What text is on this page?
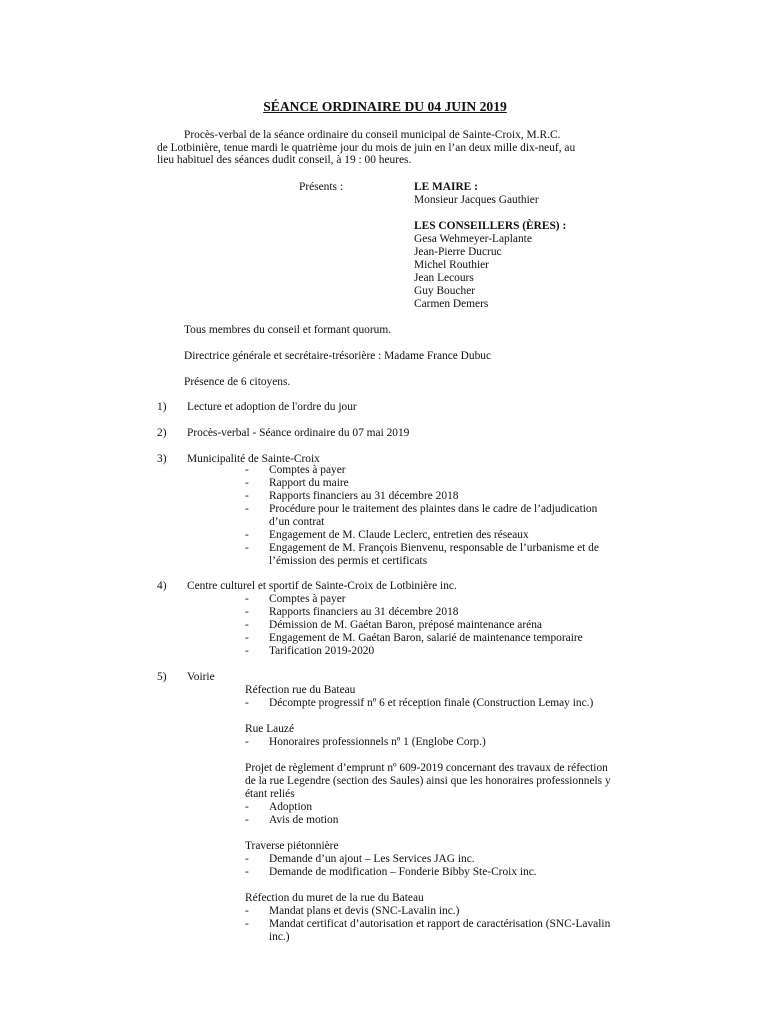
SÉANCE ORDINAIRE DU 04 JUIN 2019
Procès-verbal de la séance ordinaire du conseil municipal de Sainte-Croix, M.R.C.
de Lotbinière, tenue mardi le quatrième jour du mois de juin en l’an deux mille dix-neuf, au
lieu habituel des séances dudit conseil, à 19 : 00 heures.
Présents :	LE MAIRE :
Monsieur Jacques Gauthier
LES CONSEILLERS (ÈRES) :
Gesa Wehmeyer-Laplante
Jean-Pierre Ducruc
Michel Routhier
Jean Lecours
Guy Boucher
Carmen Demers
Tous membres du conseil et formant quorum.
Directrice générale et secrétaire-trésorière : Madame France Dubuc
Présence de 6 citoyens.
1) Lecture et adoption de l'ordre du jour
2) Procès-verbal - Séance ordinaire du 07 mai 2019
3) Municipalité de Sainte-Croix
- Comptes à payer
- Rapport du maire
- Rapports financiers au 31 décembre 2018
- Procédure pour le traitement des plaintes dans le cadre de l’adjudication
d’un contrat
- Engagement de M. Claude Leclerc, entretien des réseaux
- Engagement de M. François Bienvenu, responsable de l’urbanisme et de
l’émission des permis et certificats
4) Centre culturel et sportif de Sainte-Croix de Lotbinière inc.
- Comptes à payer
- Rapports financiers au 31 décembre 2018
- Démission de M. Gaétan Baron, préposé maintenance aréna
- Engagement de M. Gaétan Baron, salarié de maintenance temporaire
- Tarification 2019-2020
5) Voirie
Réfection rue du Bateau
- Décompte progressif nº 6 et réception finale (Construction Lemay inc.)
Rue Lauzé
- Honoraires professionnels nº 1 (Englobe Corp.)
Projet de règlement d’emprunt nº 609-2019 concernant des travaux de réfection
de la rue Legendre (section des Saules) ainsi que les honoraires professionnels y
étant reliés
- Adoption
- Avis de motion
Traverse piétonnière
- Demande d’un ajout – Les Services JAG inc.
- Demande de modification – Fonderie Bibby Ste-Croix inc.
Réfection du muret de la rue du Bateau
- Mandat plans et devis (SNC-Lavalin inc.)
- Mandat certificat d’autorisation et rapport de caractérisation (SNC-Lavalin
inc.)
